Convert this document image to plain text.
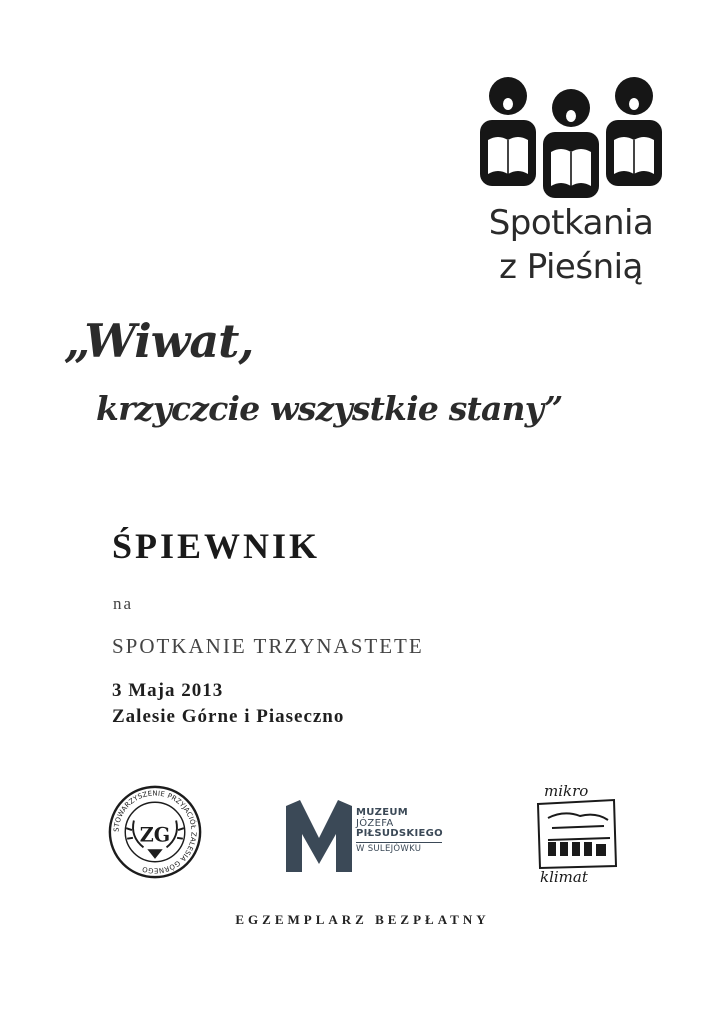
Spotkania
z Pieśnią
„Wiwat,
krzyczcie wszystkie stany”
ŚPIEWNIK
na
SPOTKANIE TRZYNASTETE
3 Maja 2013
Zalesie Górne i Piaseczno
STOWARZYSZENIE PRZYJACIÓŁ ZALESIA GÓRNEGO
ZG
MUZEUM
JÓZEFA
PIŁSUDSKIEGO
W SULEJÓWKU
mikro
klimat
EGZEMPLARZ BEZPŁATNY
